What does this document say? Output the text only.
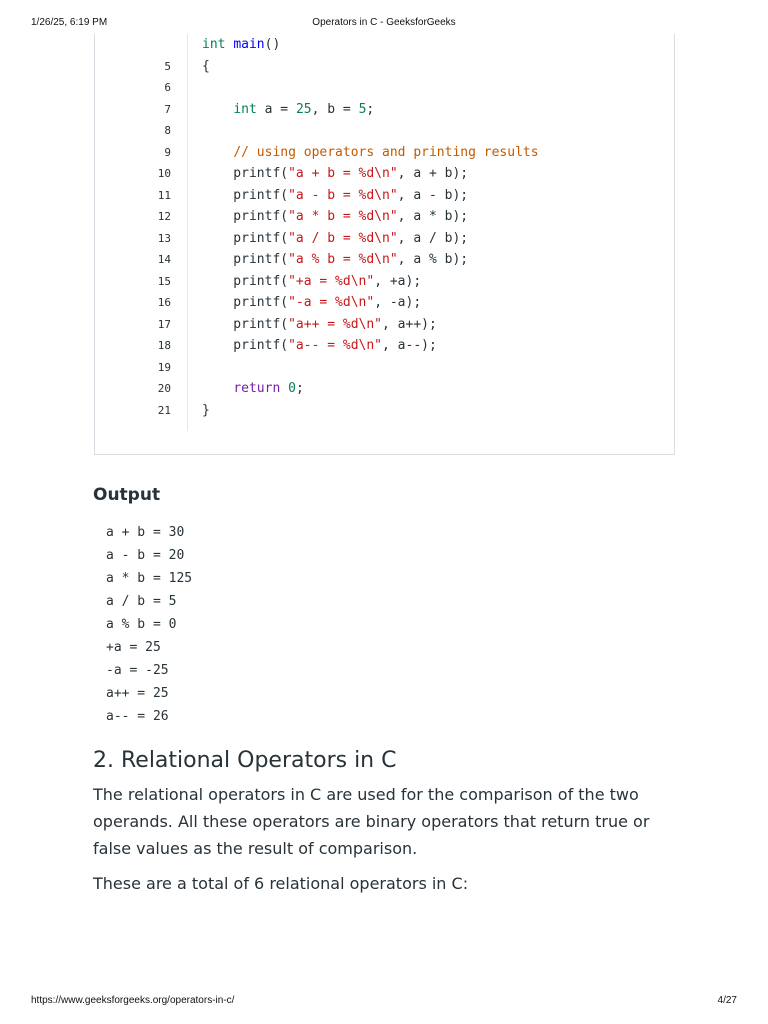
1/26/25, 6:19 PM	Operators in C - GeeksforGeeks
int main()
5 {
6
7	int a = 25, b = 5;
8
9	// using operators and printing results
10 printf("a + b = %d\n", a + b);
11 printf("a - b = %d\n", a - b);
12 printf("a * b = %d\n", a * b);
13 printf("a / b = %d\n", a / b);
14 printf("a % b = %d\n", a % b);
15 printf("+a = %d\n", +a);
16 printf("-a = %d\n", -a);
17 printf("a++ = %d\n", a++);
18 printf("a-- = %d\n", a--);
19
20	return 0;
21 }
Output
a + b = 30
a - b = 20
a * b = 125
a / b = 5
a % b = 0
+a = 25
-a = -25
a++ = 25
a-- = 26
2. Relational Operators in C
The relational operators in C are used for the comparison of the two operands. All these operators are binary operators that return true or false values as the result of comparison.
These are a total of 6 relational operators in C:
https://www.geeksforgeeks.org/operators-in-c/	4/27
